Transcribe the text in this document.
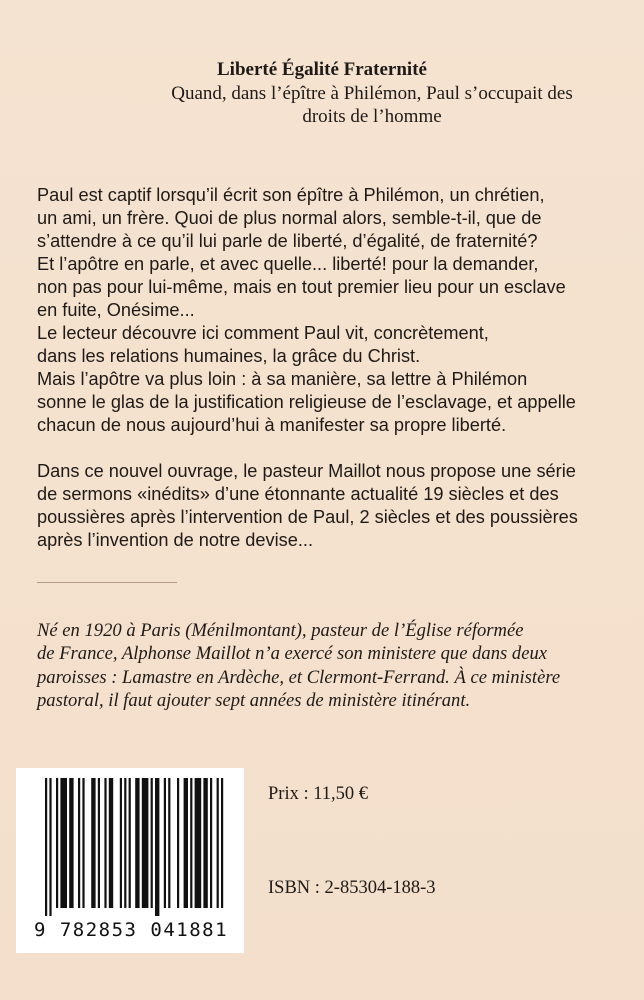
Liberté Égalité Fraternité

Quand, dans l’épître à Philémon, Paul s’occupait des droits de l’homme

Paul est captif lorsqu’il écrit son épître à Philémon, un chrétien,
un ami, un frère. Quoi de plus normal alors, semble-t-il, que de
s’attendre à ce qu’il lui parle de liberté, d’égalité, de fraternité?
Et l’apôtre en parle, et avec quelle... liberté! pour la demander,
non pas pour lui-même, mais en tout premier lieu pour un esclave
en fuite, Onésime...
Le lecteur découvre ici comment Paul vit, concrètement,
dans les relations humaines, la grâce du Christ.
Mais l’apôtre va plus loin : à sa manière, sa lettre à Philémon
sonne le glas de la justification religieuse de l’esclavage, et appelle
chacun de nous aujourd’hui à manifester sa propre liberté.

Dans ce nouvel ouvrage, le pasteur Maillot nous propose une série
de sermons «inédits» d’une étonnante actualité 19 siècles et des
poussières après l’intervention de Paul, 2 siècles et des poussières
après l’invention de notre devise...

Né en 1920 à Paris (Ménilmontant), pasteur de l’Église réformée
de France, Alphonse Maillot n’a exercé son ministere que dans deux
paroisses : Lamastre en Ardèche, et Clermont-Ferrand. À ce ministère
pastoral, il faut ajouter sept années de ministère itinérant.

9 782853 041881
Prix : 11,50 €
ISBN : 2-85304-188-3
